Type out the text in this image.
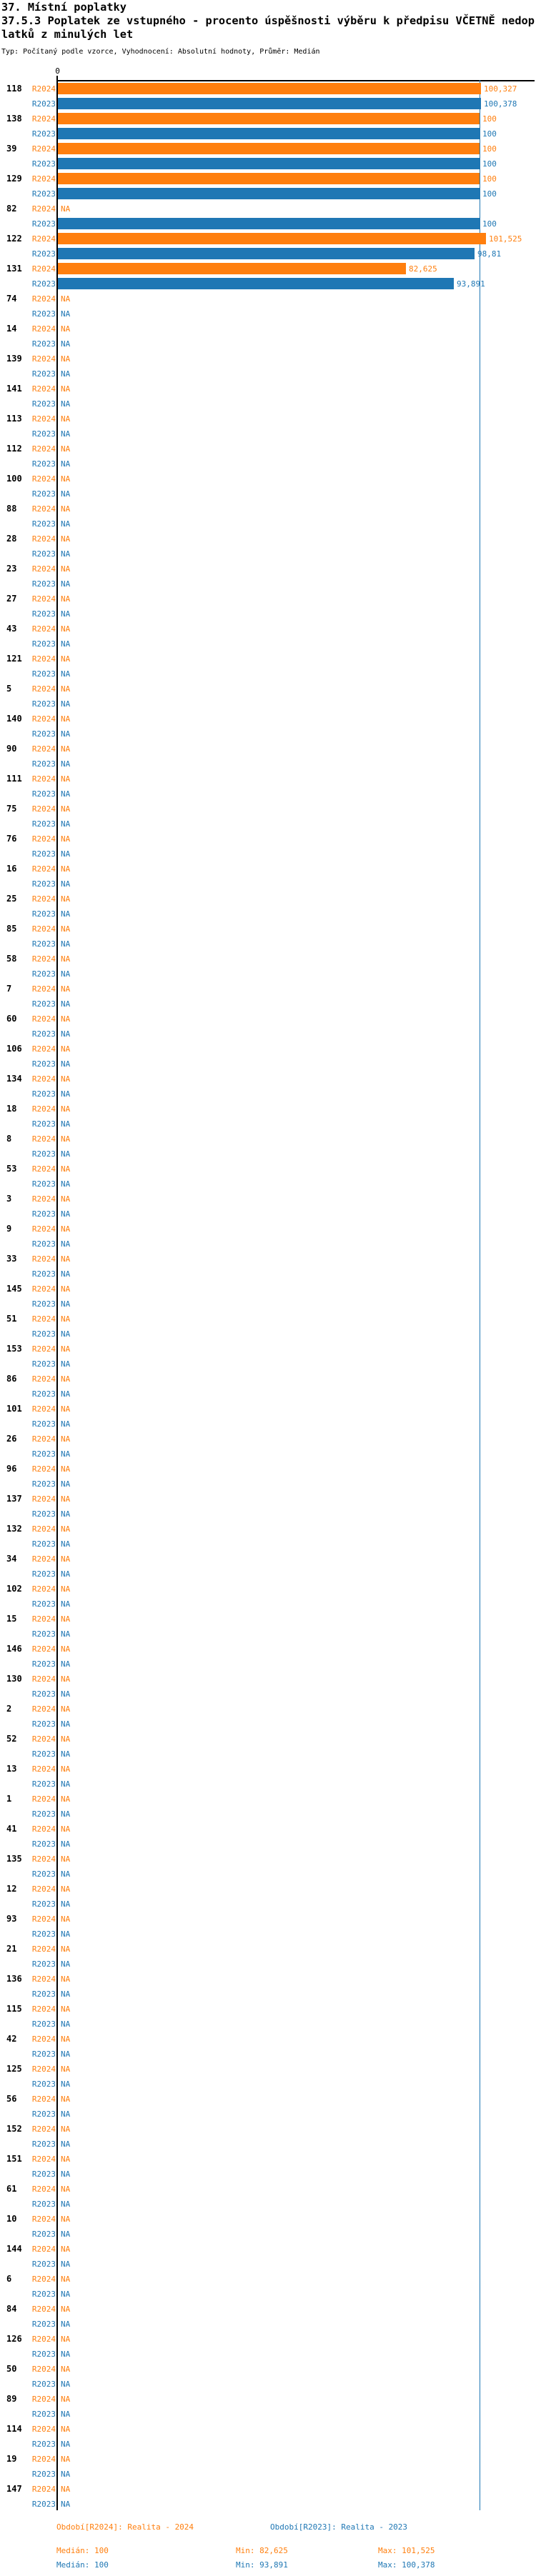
37. Místní poplatky
37.5.3 Poplatek ze vstupného - procento úspěšnosti výběru k předpisu VČETNĚ nedoplatků z minulých let
Typ: Počítaný podle vzorce, Vyhodnocení: Absolutní hodnoty, Průměr: Medián
0
118	R2024	100,327
R2023	100,378
138	R2024	100
R2023	100
39	R2024	100
R2023	100
129	R2024	100
R2023	100
82	R2024 NA
R2023	100
122	R2024	101,525
R2023	98,81
131	R2024	82,625
R2023	93,891
74	R2024 NA
R2023 NA
14	R2024 NA
R2023 NA
139	R2024 NA
R2023 NA
141	R2024 NA
R2023 NA
113	R2024 NA
R2023 NA
112	R2024 NA
R2023 NA
100	R2024 NA
R2023 NA
88	R2024 NA
R2023 NA
28	R2024 NA
R2023 NA
23	R2024 NA
R2023 NA
27	R2024 NA
R2023 NA
43	R2024 NA
R2023 NA
121	R2024 NA
R2023 NA
5	R2024 NA
R2023 NA
140	R2024 NA
R2023 NA
90	R2024 NA
R2023 NA
111	R2024 NA
R2023 NA
75	R2024 NA
R2023 NA
76	R2024 NA
R2023 NA
16	R2024 NA
R2023 NA
25	R2024 NA
R2023 NA
85	R2024 NA
R2023 NA
58	R2024 NA
R2023 NA
7	R2024 NA
R2023 NA
60	R2024 NA
R2023 NA
106	R2024 NA
R2023 NA
134	R2024 NA
R2023 NA
18	R2024 NA
R2023 NA
8	R2024 NA
R2023 NA
53	R2024 NA
R2023 NA
3	R2024 NA
R2023 NA
9	R2024 NA
R2023 NA
33	R2024 NA
R2023 NA
145	R2024 NA
R2023 NA
51	R2024 NA
R2023 NA
153	R2024 NA
R2023 NA
86	R2024 NA
R2023 NA
101	R2024 NA
R2023 NA
26	R2024 NA
R2023 NA
96	R2024 NA
R2023 NA
137	R2024 NA
R2023 NA
132	R2024 NA
R2023 NA
34	R2024 NA
R2023 NA
102	R2024 NA
R2023 NA
15	R2024 NA
R2023 NA
146	R2024 NA
R2023 NA
130	R2024 NA
R2023 NA
2	R2024 NA
R2023 NA
52	R2024 NA
R2023 NA
13	R2024 NA
R2023 NA
1	R2024 NA
R2023 NA
41	R2024 NA
R2023 NA
135	R2024 NA
R2023 NA
12	R2024 NA
R2023 NA
93	R2024 NA
R2023 NA
21	R2024 NA
R2023 NA
136	R2024 NA
R2023 NA
115	R2024 NA
R2023 NA
42	R2024 NA
R2023 NA
125	R2024 NA
R2023 NA
56	R2024 NA
R2023 NA
152	R2024 NA
R2023 NA
151	R2024 NA
R2023 NA
61	R2024 NA
R2023 NA
10	R2024 NA
R2023 NA
144	R2024 NA
R2023 NA
6	R2024 NA
R2023 NA
84	R2024 NA
R2023 NA
126	R2024 NA
R2023 NA
50	R2024 NA
R2023 NA
89	R2024 NA
R2023 NA
114	R2024 NA
R2023 NA
19	R2024 NA
R2023 NA
147	R2024 NA
R2023 NA
Období[R2024]: Realita - 2024	Období[R2023]: Realita - 2023
Medián: 100	Min: 82,625	Max: 101,525
Medián: 100	Min: 93,891	Max: 100,378
